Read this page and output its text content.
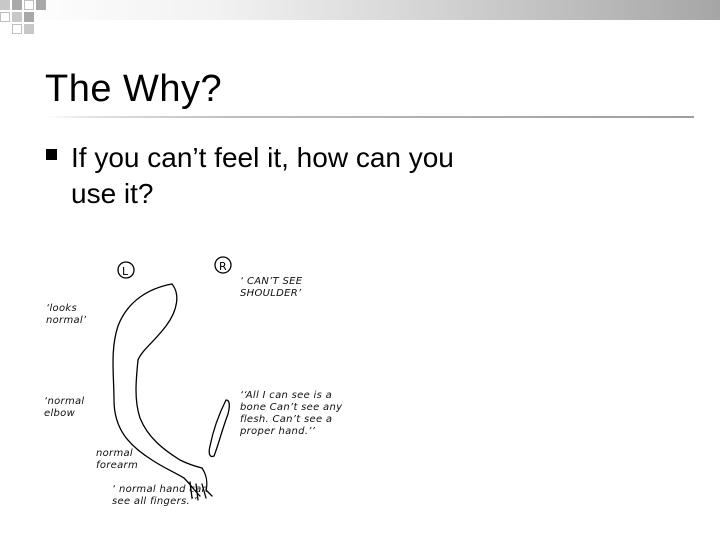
The Why?
If you can’t feel it, how can you use it?
L	R
‘looks normal’
‘normal elbow
normal forearm
‘ normal hand can see all fingers.’’
‘ CAN’T SEE SHOULDER’
‘‘All I can see is a bone Can’t see any flesh. Can’t see a proper hand.’’
